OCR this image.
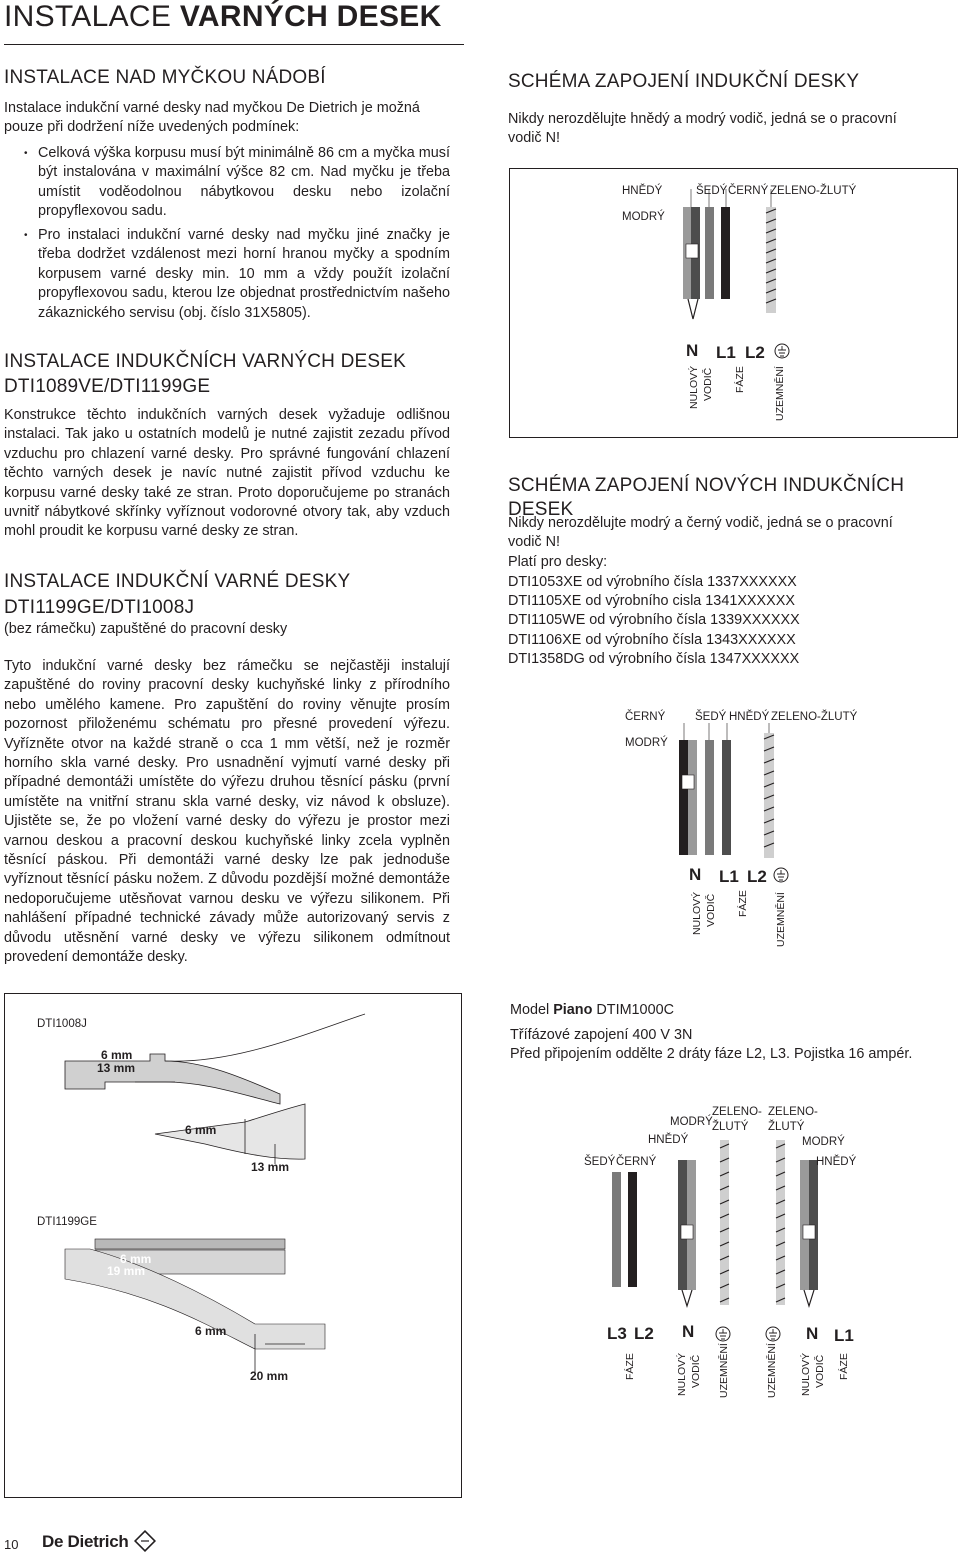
INSTALACE VARNÝCH DESEK
INSTALACE NAD MYČKOU NÁDOBÍ
Instalace indukční varné desky nad myčkou De Dietrich je možná pouze při dodržení níže uvedených podmínek:
• Celková výška korpusu musí být minimálně 86 cm a myčka musí být instalována v maximální výšce 82 cm. Nad myčku je třeba umístit voděodolnou nábytkovou desku nebo izolační propyflexovou sadu.
• Pro instalaci indukční varné desky nad myčku jiné značky je třeba dodržet vzdálenost mezi horní hranou myčky a spodním korpusem varné desky min. 10 mm a vždy použít izolační propyflexovou sadu, kterou lze objednat prostřednictvím našeho zákaznického servisu (obj. číslo 31X5805).
INSTALACE INDUKČNÍCH VARNÝCH DESEK
DTI1089VE/DTI1199GE
Konstrukce těchto indukčních varných desek vyžaduje odlišnou instalaci. Tak jako u ostatních modelů je nutné zajistit zezadu přívod vzduchu pro chlazení varné desky. Pro správné fungování chlazení těchto varných desek je navíc nutné zajistit přívod vzduchu ke korpusu varné desky také ze stran. Proto doporučujeme po stranách uvnitř nábytkové skřínky vyříznout vodorovné otvory tak, aby vzduch mohl proudit ke korpusu varné desky ze stran.
INSTALACE INDUKČNÍ VARNÉ DESKY
DTI1199GE/DTI1008J
(bez rámečku) zapuštěné do pracovní desky
Tyto indukční varné desky bez rámečku se nejčastěji instalují zapuštěné do roviny pracovní desky kuchyňské linky z přírodního nebo umělého kamene. Pro zapuštění do roviny věnujte prosím pozornost přiloženému schématu pro přesné provedení výřezu. Vyřízněte otvor na každé straně o cca 1 mm větší, než je rozměr horního skla varné desky. Pro usnadnění vyjmutí varné desky při případné demontáži umístěte do výřezu druhou těsnící pásku (první umístěte na vnitřní stranu skla varné desky, viz návod k obsluze). Ujistěte se, že po vložení varné desky do výřezu je prostor mezi varnou deskou a pracovní deskou kuchyňské linky zcela vyplněn těsnící páskou. Při demontáži varné desky lze pak jednoduše vyříznout těsnící pásku nožem. Z důvodu pozdější možné demontáže nedoporučujeme utěsňovat varnou desku ve výřezu silikonem. Při nahlášení případné technické závady může autorizovaný servis z důvodu utěsnění varné desky ve výřezu silikonem odmítnout provedení demontáže desky.
DTI1008J
6 mm
13 mm
6 mm
13 mm
DTI1199GE
6 mm
19 mm
6 mm
20 mm
SCHÉMA ZAPOJENÍ INDUKČNÍ DESKY
Nikdy nerozdělujte hnědý a modrý vodič, jedná se o pracovní vodič N!
HNĚDÝ
MODRÝ
ŠEDÝ ČERNÝ ZELENO-ŽLUTÝ
N L1 L2
NULOVÝ VODIČ FÁZE	UZEMNĚNÍ
SCHÉMA ZAPOJENÍ NOVÝCH INDUKČNÍCH DESEK
Nikdy nerozdělujte modrý a černý vodič, jedná se o pracovní vodič N!
Platí pro desky:
DTI1053XE od výrobního čísla 1337XXXXXX
DTI1105XE od výrobního cisla 1341XXXXXX
DTI1105WE od výrobního čísla 1339XXXXXX
DTI1106XE od výrobního čísla 1343XXXXXX
DTI1358DG od výrobního čísla 1347XXXXXX
ČERNÝ
MODRÝ
ŠEDÝ HNĚDÝ ZELENO-ŽLUTÝ
N L1 L2
NULOVÝ VODIČ FÁZE UZEMNĚNÍ
Model Piano DTIM1000C
Třífázové zapojení 400 V 3N
Před připojením oddělte 2 dráty fáze L2, L3. Pojistka 16 ampér.
ŠEDÝ ČERNÝ
HNĚDÝ
MODRÝ
ZELENO-
ŽLUTÝ
ZELENO-
ŽLUTÝ
MODRÝ
HNĚDÝ
L3 L2 N	N L1
FÁZE	NULOVÝ VODIČ UZEMNĚNÍ	UZEMNĚNÍ NULOVÝ VODIČ FÁZE
10 De Dietrich
